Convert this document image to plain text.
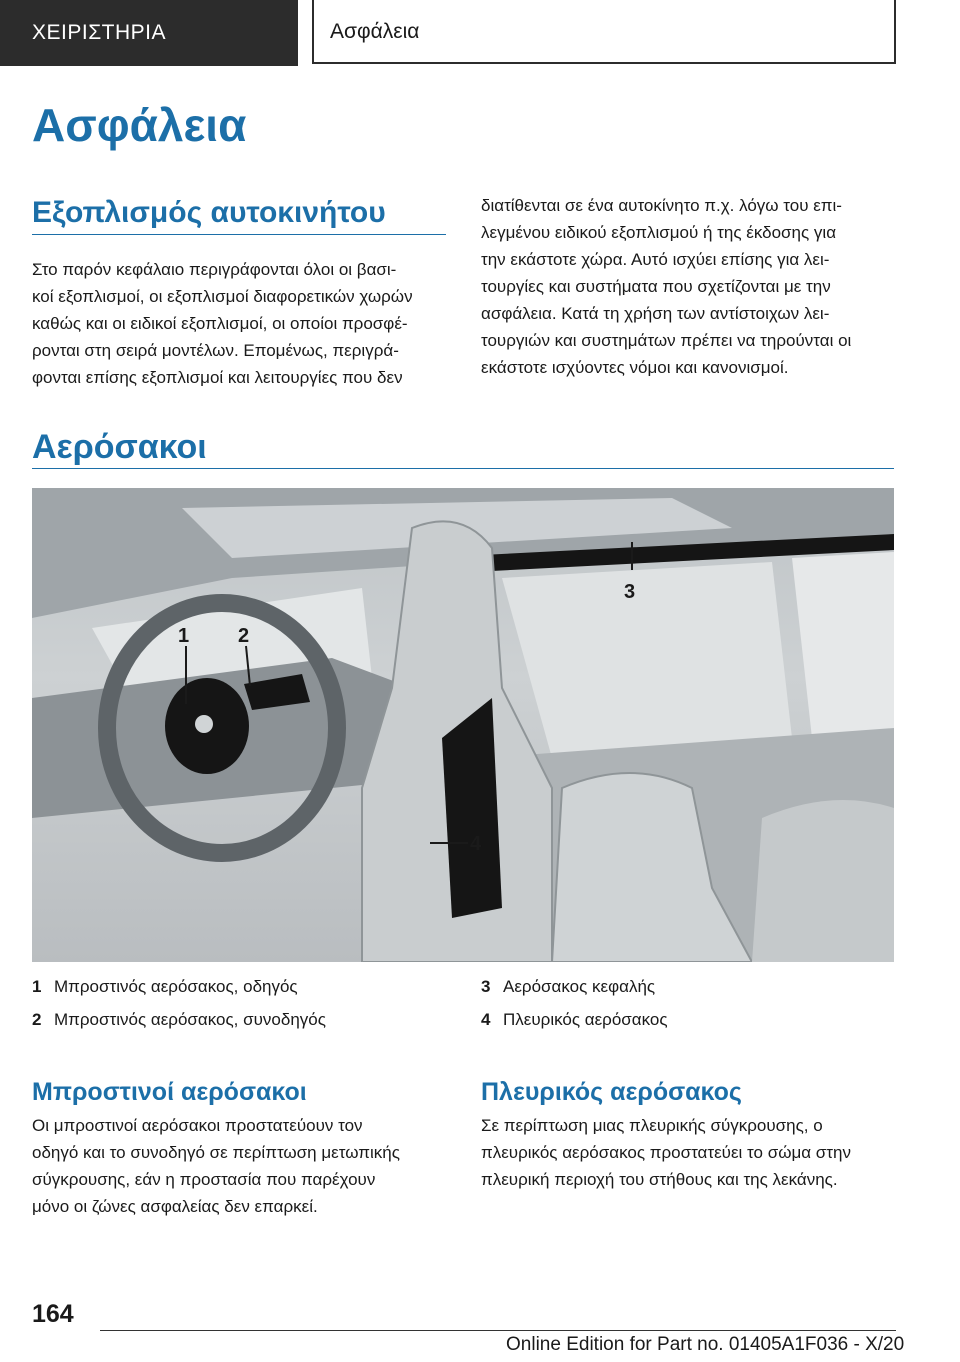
ΧΕΙΡΙΣΤΗΡΙΑ	Ασφάλεια
Ασφάλεια
Εξοπλισμός αυτοκινήτου
Στο παρόν κεφάλαιο περιγράφονται όλοι οι βασι‐
κοί εξοπλισμοί, οι εξοπλισμοί διαφορετικών χωρών
καθώς και οι ειδικοί εξοπλισμοί, οι οποίοι προσφέ‐
ρονται στη σειρά μοντέλων. Επομένως, περιγρά‐
φονται επίσης εξοπλισμοί και λειτουργίες που δεν
διατίθενται σε ένα αυτοκίνητο π.χ. λόγω του επι‐
λεγμένου ειδικού εξοπλισμού ή της έκδοσης για
την εκάστοτε χώρα. Αυτό ισχύει επίσης για λει‐
τουργίες και συστήματα που σχετίζονται με την
ασφάλεια. Κατά τη χρήση των αντίστοιχων λει‐
τουργιών και συστημάτων πρέπει να τηρούνται οι
εκάστοτε ισχύοντες νόμοι και κανονισμοί.
Αερόσακοι
1 2
3
4
1 Μπροστινός αερόσακος, οδηγός
2 Μπροστινός αερόσακος, συνοδηγός
3 Αερόσακος κεφαλής
4 Πλευρικός αερόσακος
Μπροστινοί αερόσακοι
Οι μπροστινοί αερόσακοι προστατεύουν τον
οδηγό και το συνοδηγό σε περίπτωση μετωπικής
σύγκρουσης, εάν η προστασία που παρέχουν
μόνο οι ζώνες ασφαλείας δεν επαρκεί.
Πλευρικός αερόσακος
Σε περίπτωση μιας πλευρικής σύγκρουσης, ο
πλευρικός αερόσακος προστατεύει το σώμα στην
πλευρική περιοχή του στήθους και της λεκάνης.
164
Online Edition for Part no. 01405A1F036 - X/20
